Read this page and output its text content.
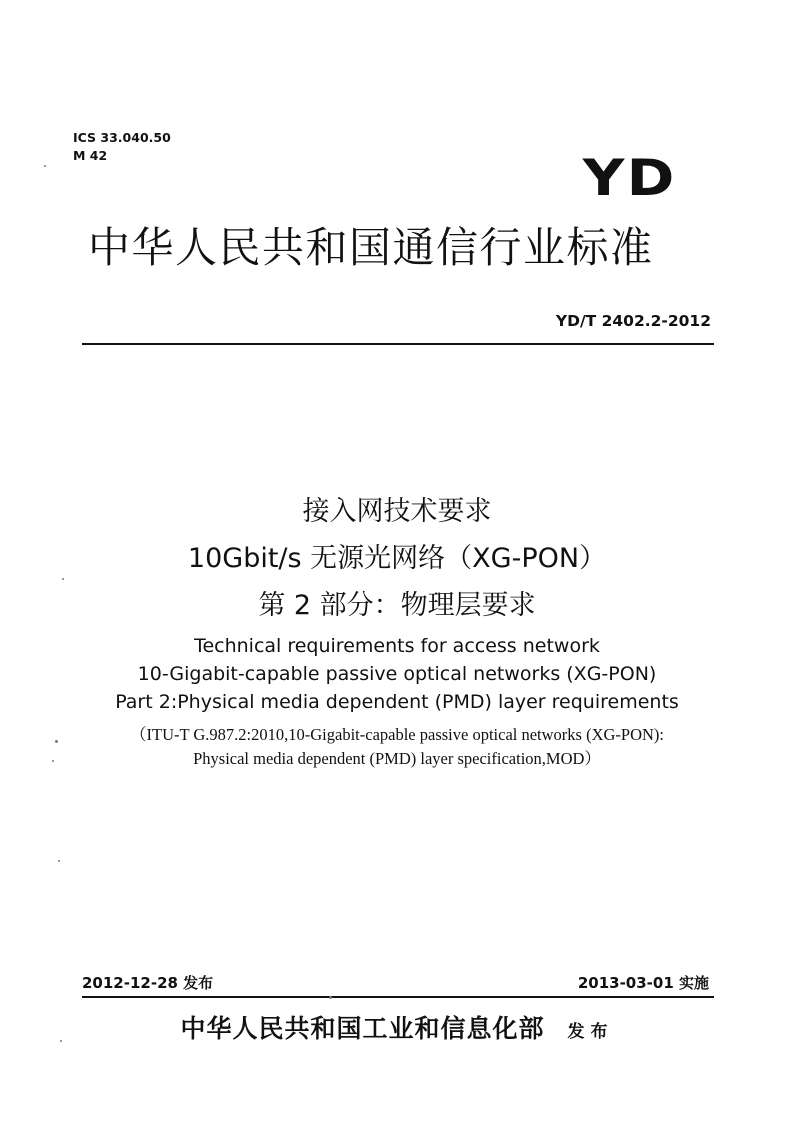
ICS 33.040.50
M 42	YD
中华人民共和国通信行业标准
YD/T 2402.2-2012
接入网技术要求
10Gbit/s 无源光网络（XG-PON）
第 2 部分：物理层要求
Technical requirements for access network
10-Gigabit-capable passive optical networks (XG-PON)
Part 2:Physical media dependent (PMD) layer requirements
（ITU-T G.987.2:2010,10-Gigabit-capable passive optical networks (XG-PON):
Physical media dependent (PMD) layer specification,MOD）
2012-12-28 发布	2013-03-01 实施
中华人民共和国工业和信息化部 发布
